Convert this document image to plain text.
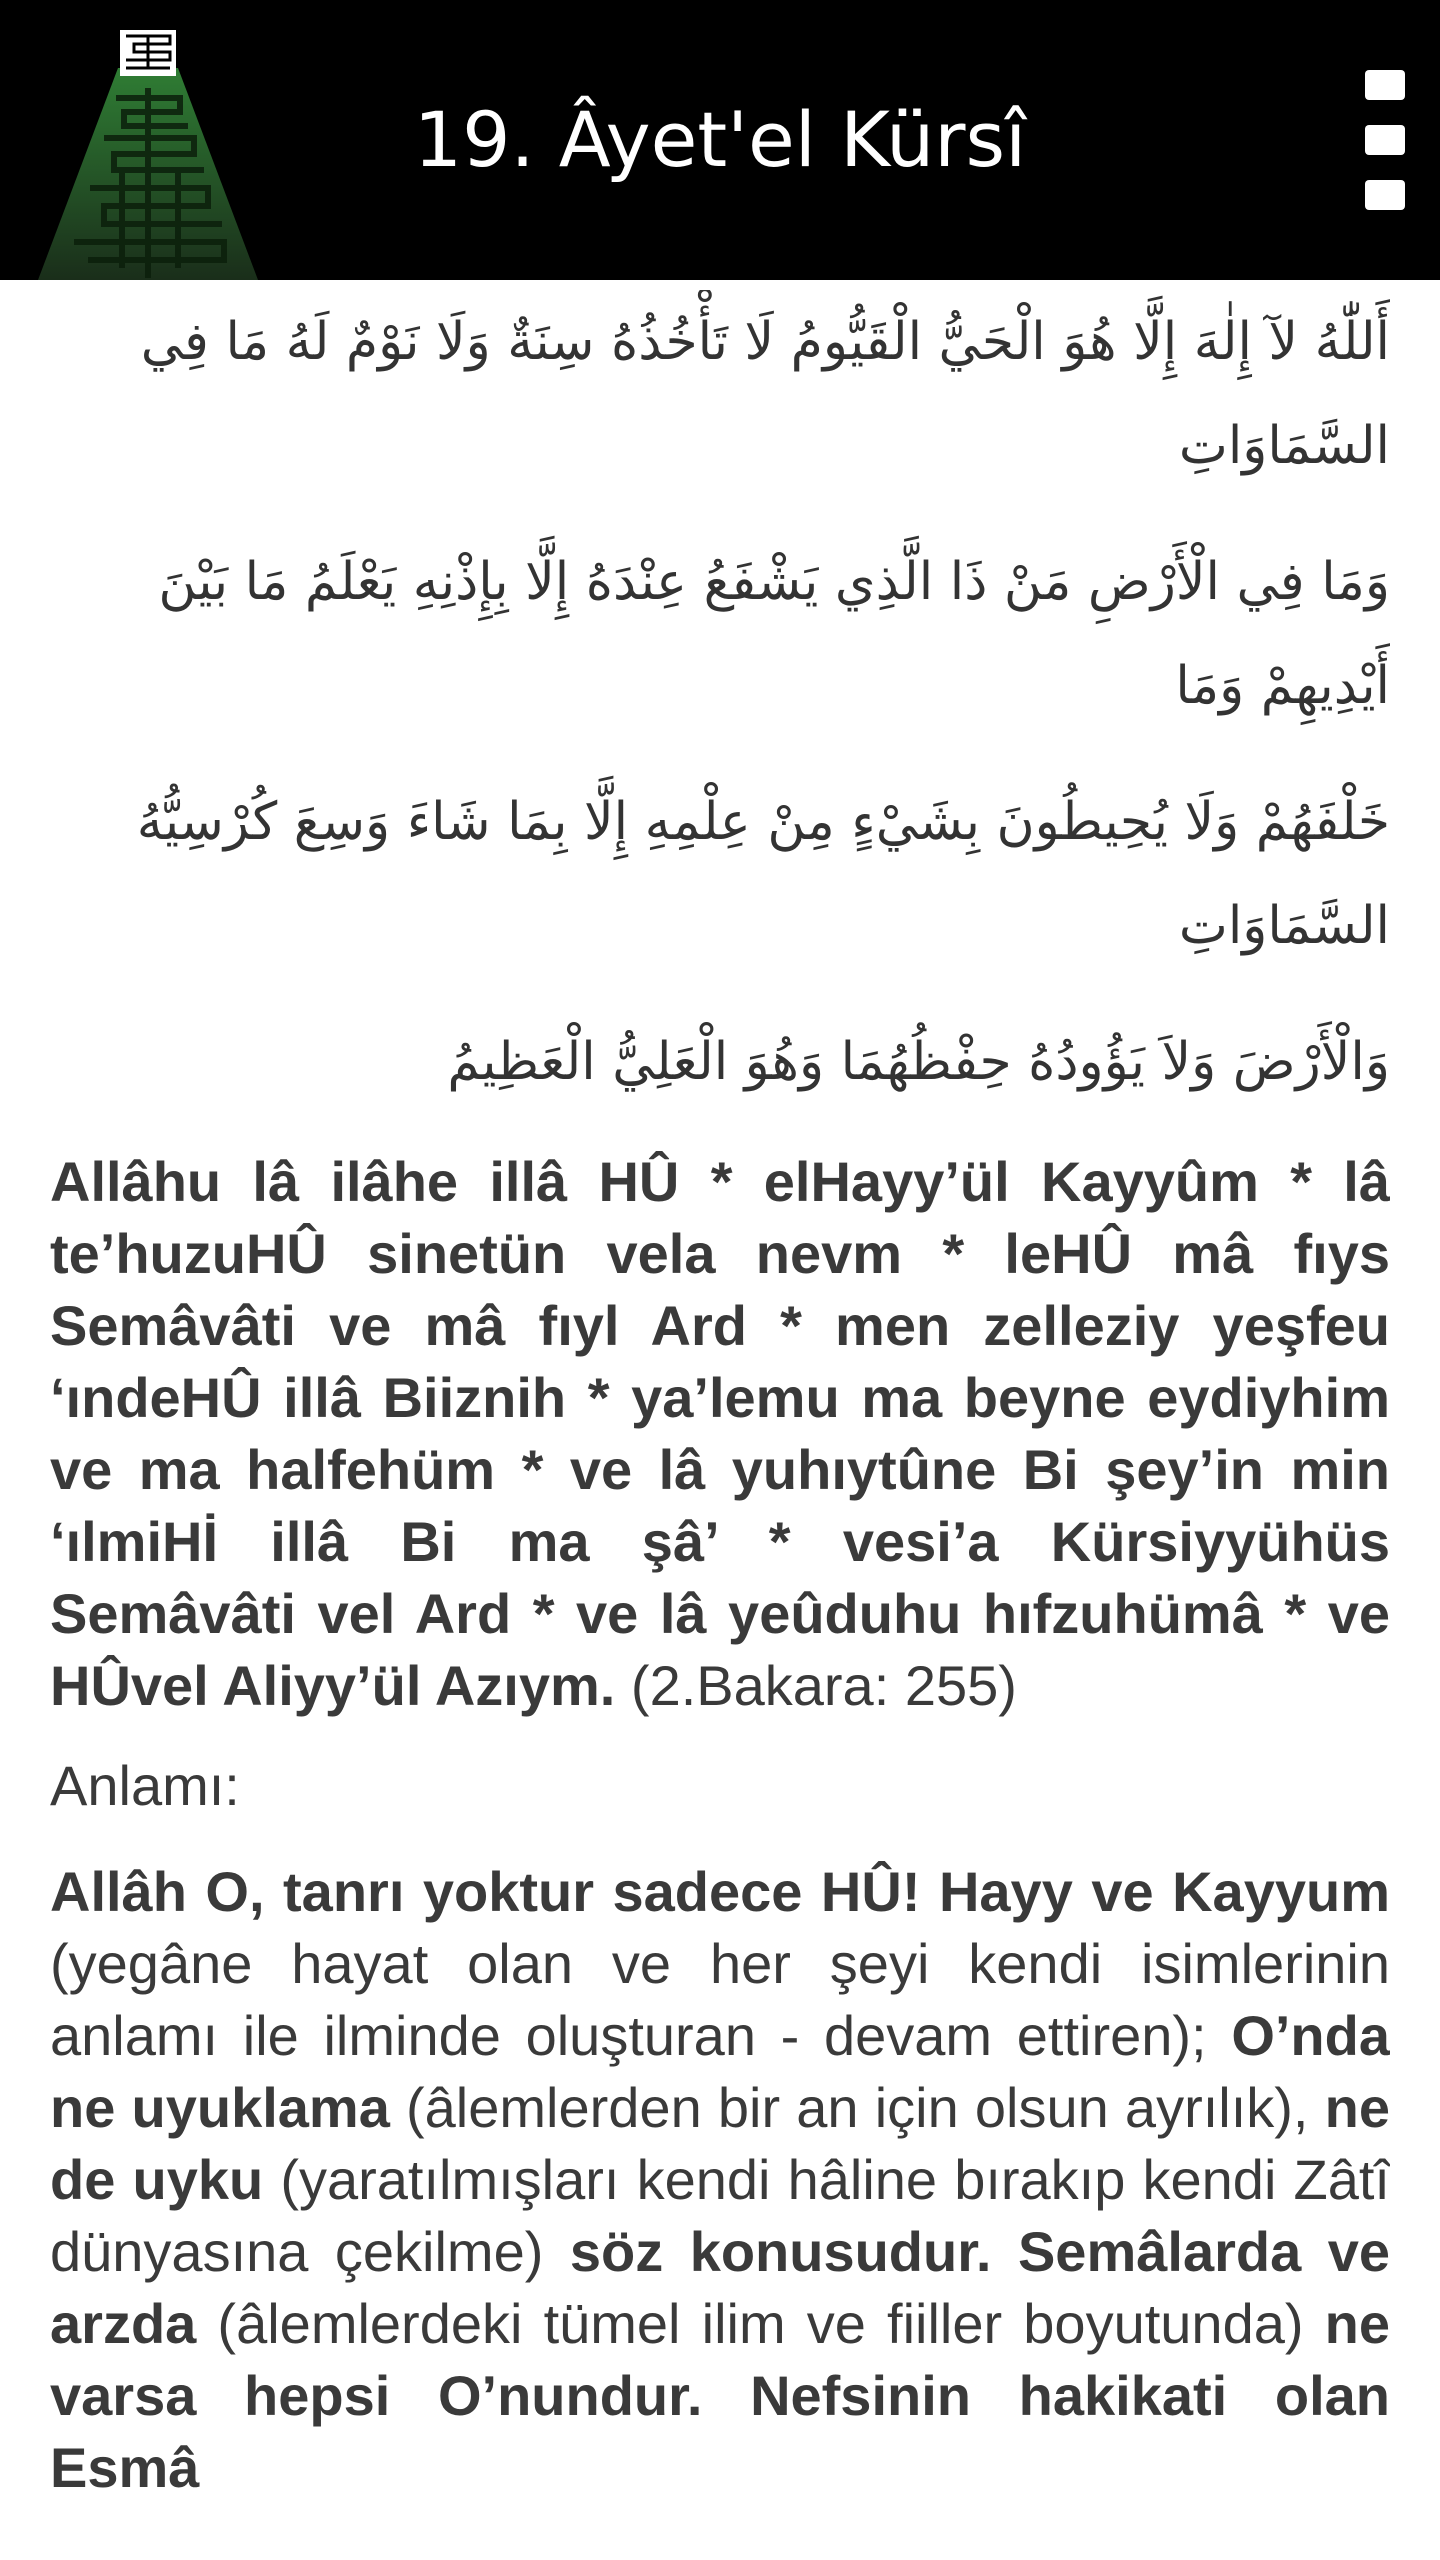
19. Âyet'el Kürsî

أَللّٰهُ لآ إِلٰهَ إِلَّا هُوَ الْحَيُّ الْقَيُّومُ لَا تَأْخُذُهُ سِنَةٌ وَلَا نَوْمٌ لَهُ مَا فِي السَّمَاوَاتِ

وَمَا فِي الْأَرْضِ مَنْ ذَا الَّذِي يَشْفَعُ عِنْدَهُ إِلَّا بِإِذْنِهِ يَعْلَمُ مَا بَيْنَ أَيْدِيهِمْ وَمَا

خَلْفَهُمْ وَلَا يُحِيطُونَ بِشَيْءٍ مِنْ عِلْمِهِ إِلَّا بِمَا شَاءَ وَسِعَ كُرْسِيُّهُ السَّمَاوَاتِ

وَالْأَرْضَ وَلاَ يَؤُودُهُ حِفْظُهُمَا وَهُوَ الْعَلِيُّ الْعَظِيمُ

Allâhu lâ ilâhe illâ HÛ * elHayy’ül Kayyûm * lâ te’huzuHÛ sinetün vela nevm * leHÛ mâ fıys Semâvâti ve mâ fıyl Ard * men zelleziy yeşfeu ‘ındeHÛ illâ Biiznih * ya’lemu ma beyne eydiyhim ve ma halfehüm * ve lâ yuhıytûne Bi şey’in min ‘ılmiHİ illâ Bi ma şâ’ * vesi’a Kürsiyyühüs Semâvâti vel Ard * ve lâ yeûduhu hıfzuhümâ * ve HÛvel Aliyy’ül Azıym. (2.Bakara: 255)

Anlamı:

Allâh O, tanrı yoktur sadece HÛ! Hayy ve Kayyum (yegâne hayat olan ve her şeyi kendi isimlerinin anlamı ile ilminde oluşturan - devam ettiren); O’nda ne uyuklama (âlemlerden bir an için olsun ayrılık), ne de uyku (yaratılmışları kendi hâline bırakıp kendi Zâtî dünyasına çekilme) söz konusudur. Semâlarda ve arzda (âlemlerdeki tümel ilim ve fiiller boyutunda) ne varsa hepsi O’nundur. Nefsinin hakikati olan Esmâ
